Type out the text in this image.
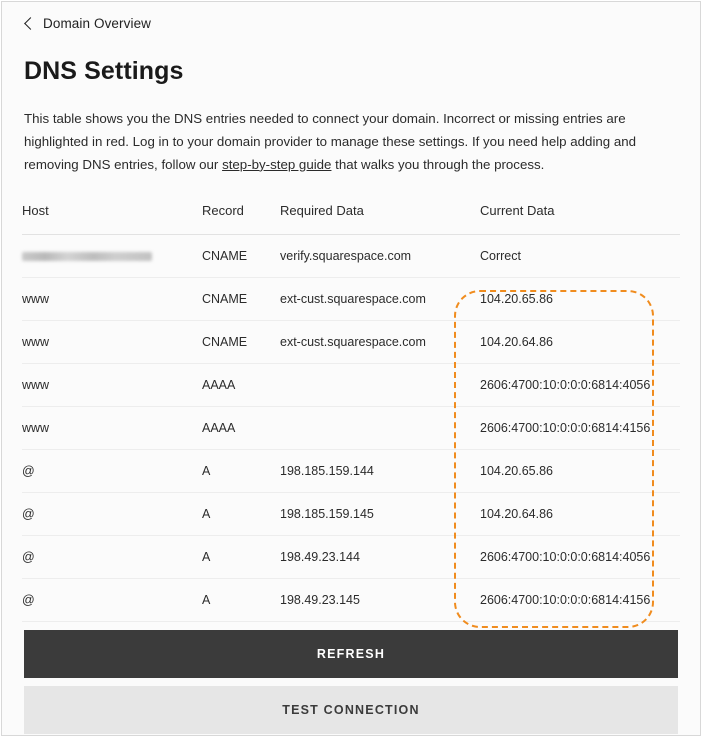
Domain Overview
DNS Settings

This table shows you the DNS entries needed to connect your domain. Incorrect or missing entries are highlighted in red. Log in to your domain provider to manage these settings. If you need help adding and removing DNS entries, follow our step-by-step guide that walks you through the process.

Host	Record	Required Data	Current Data
	CNAME	verify.squarespace.com	Correct
www	CNAME	ext-cust.squarespace.com	104.20.65.86
www	CNAME	ext-cust.squarespace.com	104.20.64.86
www	AAAA		2606:4700:10:0:0:0:6814:4056
www	AAAA		2606:4700:10:0:0:0:6814:4156
@	A	198.185.159.144	104.20.65.86
@	A	198.185.159.145	104.20.64.86
@	A	198.49.23.144	2606:4700:10:0:0:0:6814:4056
@	A	198.49.23.145	2606:4700:10:0:0:0:6814:4156
REFRESH
TEST CONNECTION
